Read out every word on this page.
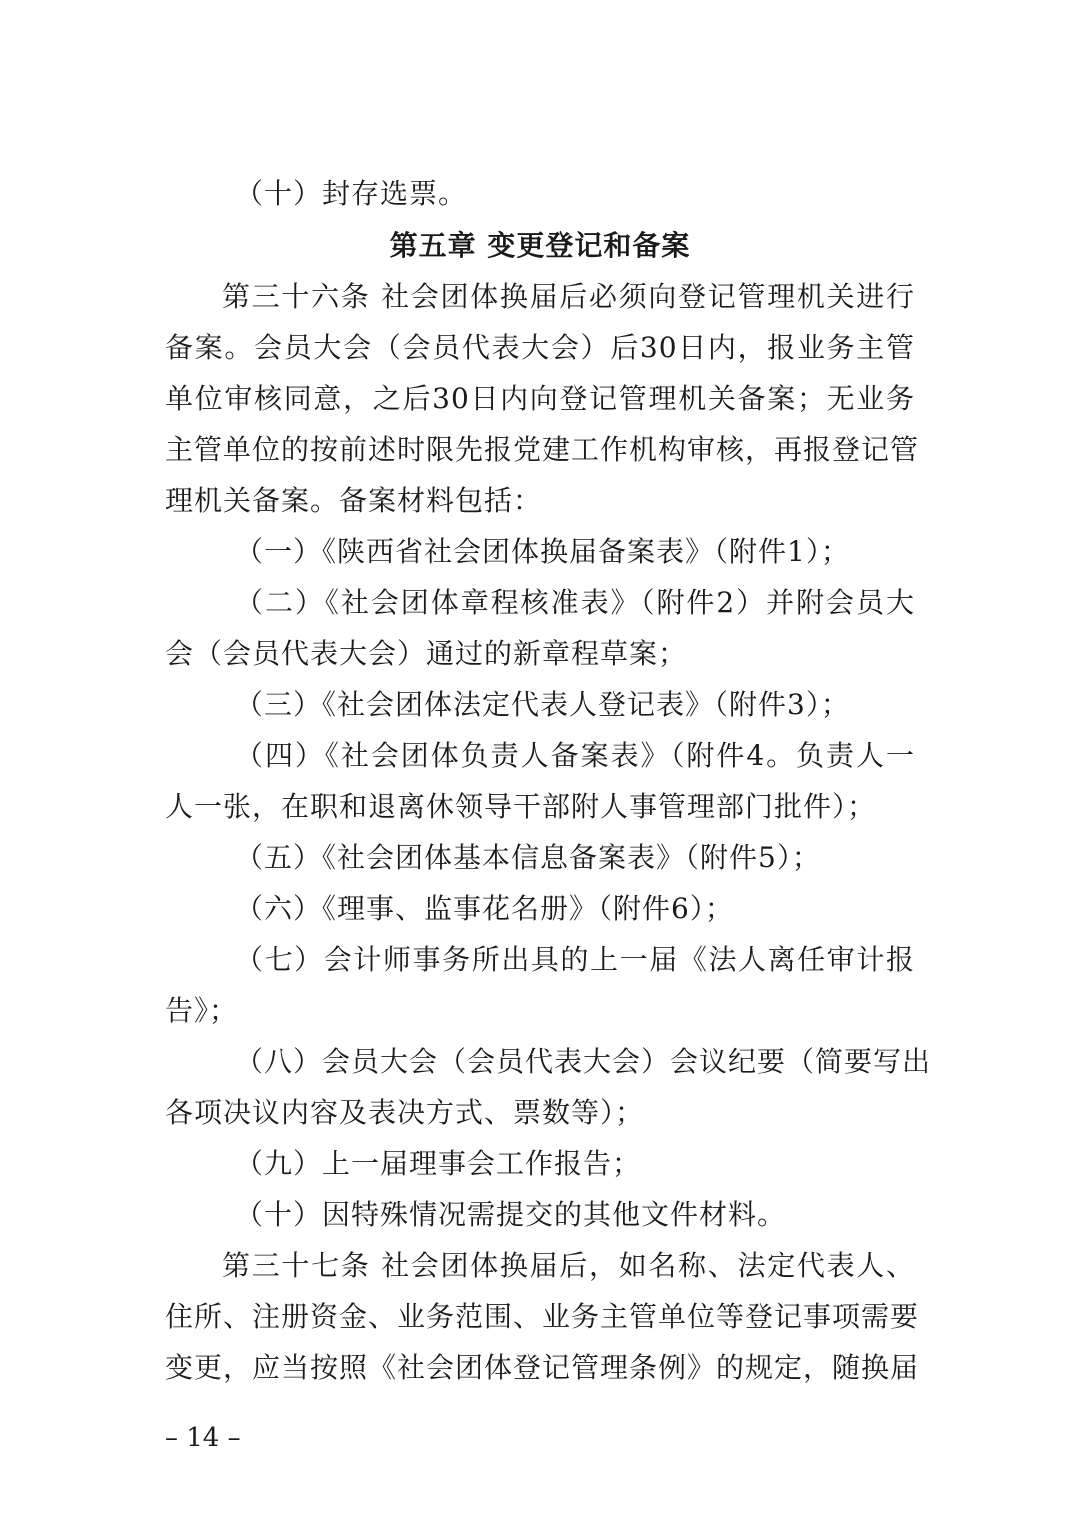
（十）封存选票。
第五章 变更登记和备案
第三十六条 社会团体换届后必须向登记管理机关进行
备案。会员大会（会员代表大会）后30日内，报业务主管
单位审核同意，之后30日内向登记管理机关备案；无业务
主管单位的按前述时限先报党建工作机构审核，再报登记管
理机关备案。备案材料包括：
（一）《陕西省社会团体换届备案表》（附件1）；
（二）《社会团体章程核准表》（附件2）并附会员大
会（会员代表大会）通过的新章程草案；
（三）《社会团体法定代表人登记表》（附件3）；
（四）《社会团体负责人备案表》（附件4。负责人一
人一张，在职和退离休领导干部附人事管理部门批件）；
（五）《社会团体基本信息备案表》（附件5）；
（六）《理事、监事花名册》（附件6）；
（七）会计师事务所出具的上一届《法人离任审计报
告》；
（八）会员大会（会员代表大会）会议纪要（简要写出
各项决议内容及表决方式、票数等）；
（九）上一届理事会工作报告；
（十）因特殊情况需提交的其他文件材料。
第三十七条 社会团体换届后，如名称、法定代表人、
住所、注册资金、业务范围、业务主管单位等登记事项需要
变更，应当按照《社会团体登记管理条例》的规定，随换届
– 14 –
